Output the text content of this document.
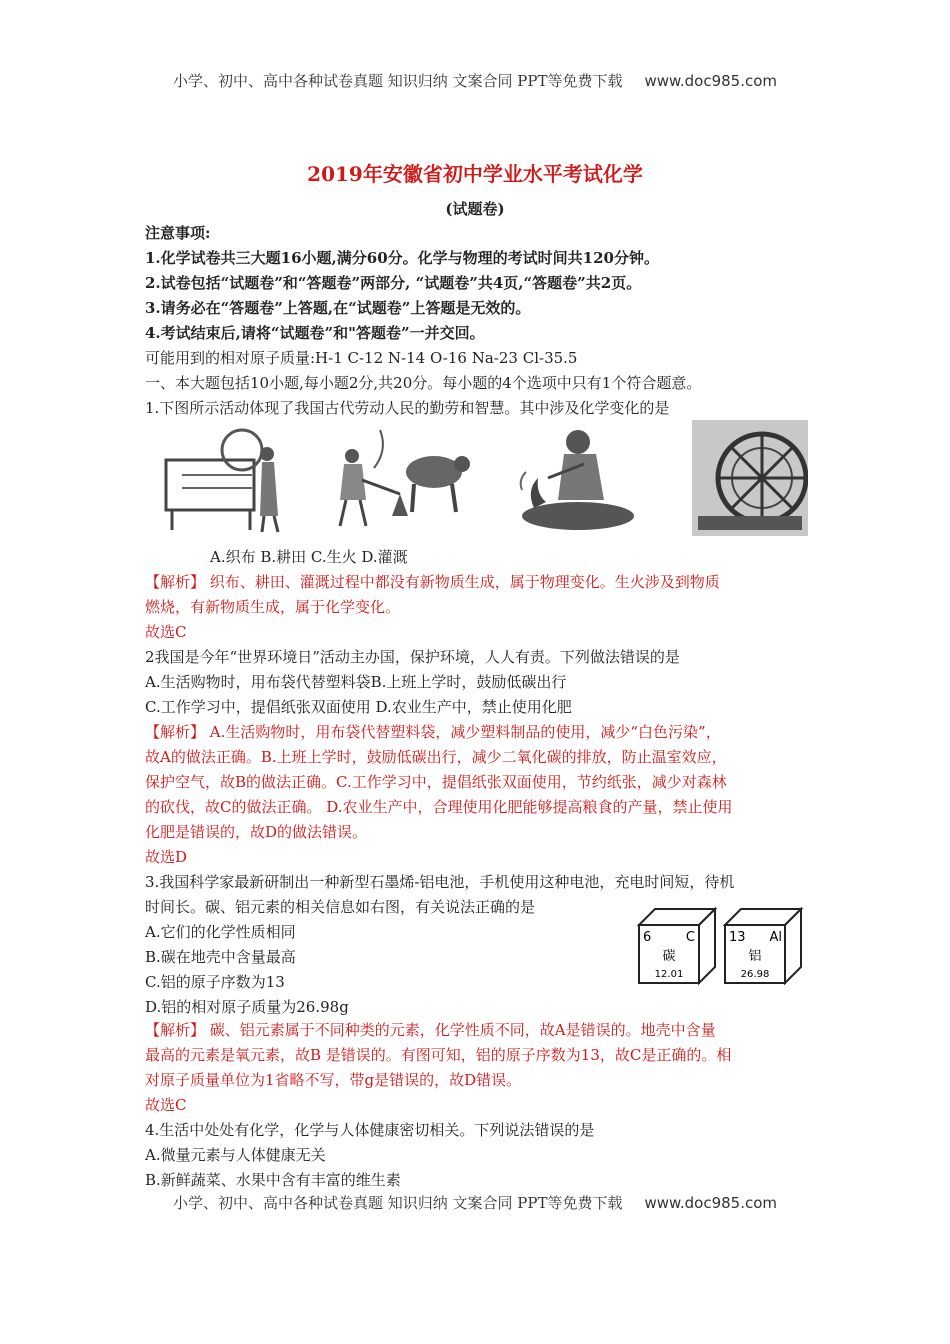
小学、初中、高中各种试卷真题 知识归纳 文案合同 PPT等免费下载 www.doc985.com
2019年安徽省初中学业水平考试化学
(试题卷)
注意事项:
1.化学试卷共三大题16小题,满分60分。化学与物理的考试时间共120分钟。
2.试卷包括“试题卷”和“答题卷”两部分, “试题卷”共4页,“答题卷”共2页。
3.请务必在“答题卷”上答题,在“试题卷”上答题是无效的。
4.考试结束后,请将“试题卷”和"答题卷”一并交回。
可能用到的相对原子质量:H-1 C-12 N-14 O-16 Na-23 Cl-35.5
一、本大题包括10小题,每小题2分,共20分。每小题的4个选项中只有1个符合题意。
1.下图所示活动体现了我国古代劳动人民的勤劳和智慧。其中涉及化学变化的是
A.织布 B.耕田 C.生火 D.灌溉
【解析】 织布、耕田、灌溉过程中都没有新物质生成，属于物理变化。生火涉及到物质
燃烧，有新物质生成，属于化学变化。
故选C
2我国是今年“世界环境日”活动主办国，保护环境，人人有责。下列做法错误的是
A.生活购物时，用布袋代替塑料袋B.上班上学时，鼓励低碳出行
C.工作学习中，提倡纸张双面使用 D.农业生产中，禁止使用化肥
【解析】 A.生活购物时，用布袋代替塑料袋，减少塑料制品的使用，减少“白色污染”，
故A的做法正确。B.上班上学时，鼓励低碳出行，减少二氧化碳的排放，防止温室效应，
保护空气，故B的做法正确。C.工作学习中，提倡纸张双面使用，节约纸张，减少对森林
的砍伐，故C的做法正确。 D.农业生产中，合理使用化肥能够提高粮食的产量，禁止使用
化肥是错误的，故D的做法错误。
故选D
3.我国科学家最新研制出一种新型石墨烯-铝电池，手机使用这种电池，充电时间短，待机
时间长。碳、铝元素的相关信息如右图，有关说法正确的是
A.它们的化学性质相同
B.碳在地壳中含量最高
C.铝的原子序数为13
D.铝的相对原子质量为26.98g
6	C
碳
12.01
13 Al
铝
26.98
【解析】 碳、铝元素属于不同种类的元素，化学性质不同，故A是错误的。地壳中含量
最高的元素是氧元素，故B 是错误的。有图可知，铝的原子序数为13，故C是正确的。相
对原子质量单位为1省略不写，带g是错误的，故D错误。
故选C
4.生活中处处有化学，化学与人体健康密切相关。下列说法错误的是
A.微量元素与人体健康无关
B.新鲜蔬菜、水果中含有丰富的维生素
小学、初中、高中各种试卷真题 知识归纳 文案合同 PPT等免费下载 www.doc985.com
